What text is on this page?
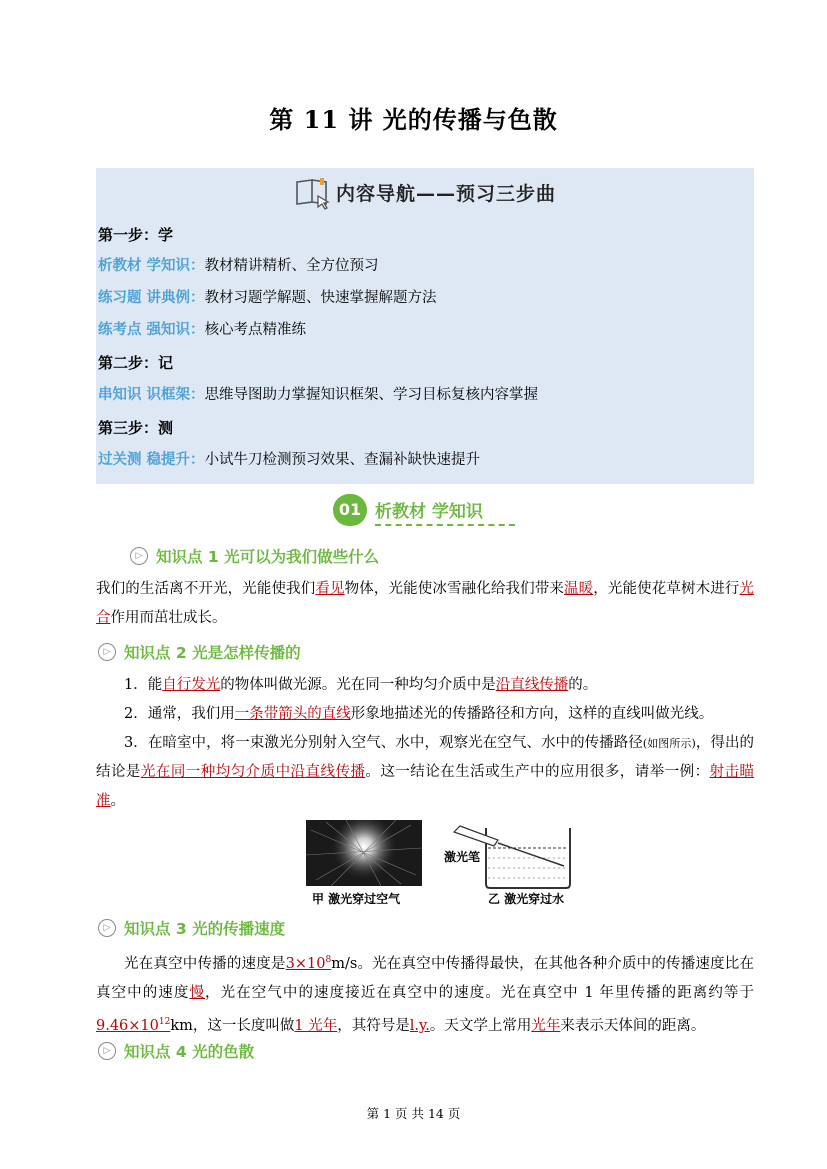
第 11 讲 光的传播与色散
内容导航——预习三步曲
第一步：学
析教材 学知识：教材精讲精析、全方位预习
练习题 讲典例：教材习题学解题、快速掌握解题方法
练考点 强知识：核心考点精准练
第二步：记
串知识 识框架：思维导图助力掌握知识框架、学习目标复核内容掌握
第三步：测
过关测 稳提升：小试牛刀检测预习效果、查漏补缺快速提升
01 析教材 学知识
▷ 知识点 1 光可以为我们做些什么
我们的生活离不开光，光能使我们看见物体，光能使冰雪融化给我们带来温暖，光能使花草树木进行光合作用而茁壮成长。
▷ 知识点 2 光是怎样传播的
1．能自行发光的物体叫做光源。光在同一种均匀介质中是沿直线传播的。
2．通常，我们用一条带箭头的直线形象地描述光的传播路径和方向，这样的直线叫做光线。
3．在暗室中，将一束激光分别射入空气、水中，观察光在空气、水中的传播路径(如图所示)，得出的结论是光在同一种均匀介质中沿直线传播。这一结论在生活或生产中的应用很多，请举一例：射击瞄准。
甲 激光穿过空气
激光笔
乙 激光穿过水
▷ 知识点 3 光的传播速度
光在真空中传播的速度是$3\times 10^8m/s$。光在真空中传播得最快，在其他各种介质中的传播速度比在真空中的速度慢，光在空气中的速度接近在真空中的速度。光在真空中 1 年里传播的距离约等于$9.46\times 10^{12}km$，这一长度叫做1 光年，其符号是l.y.。天文学上常用光年来表示天体间的距离。
▷ 知识点 4 光的色散
第 1 页 共 14 页
